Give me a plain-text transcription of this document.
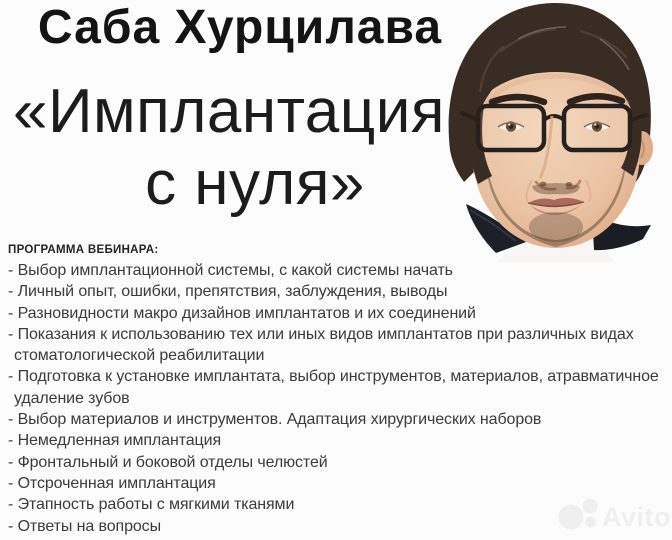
Саба Хурцилава
«Имплантация
с нуля»
ПРОГРАММА ВЕБИНАРА:
- Выбор имплантационной системы, с какой системы начать
- Личный опыт, ошибки, препятствия, заблуждения, выводы
- Разновидности макро дизайнов имплантатов и их соединений
- Показания к использованию тех или иных видов имплантатов при различных видах
стоматологической реабилитации
- Подготовка к установке имплантата, выбор инструментов, материалов, атравматичное
удаление зубов
- Выбор материалов и инструментов. Адаптация хирургических наборов
- Немедленная имплантация
- Фронтальный и боковой отделы челюстей
- Отсроченная имплантация
- Этапность работы с мягкими тканями
- Ответы на вопросы	Avito
